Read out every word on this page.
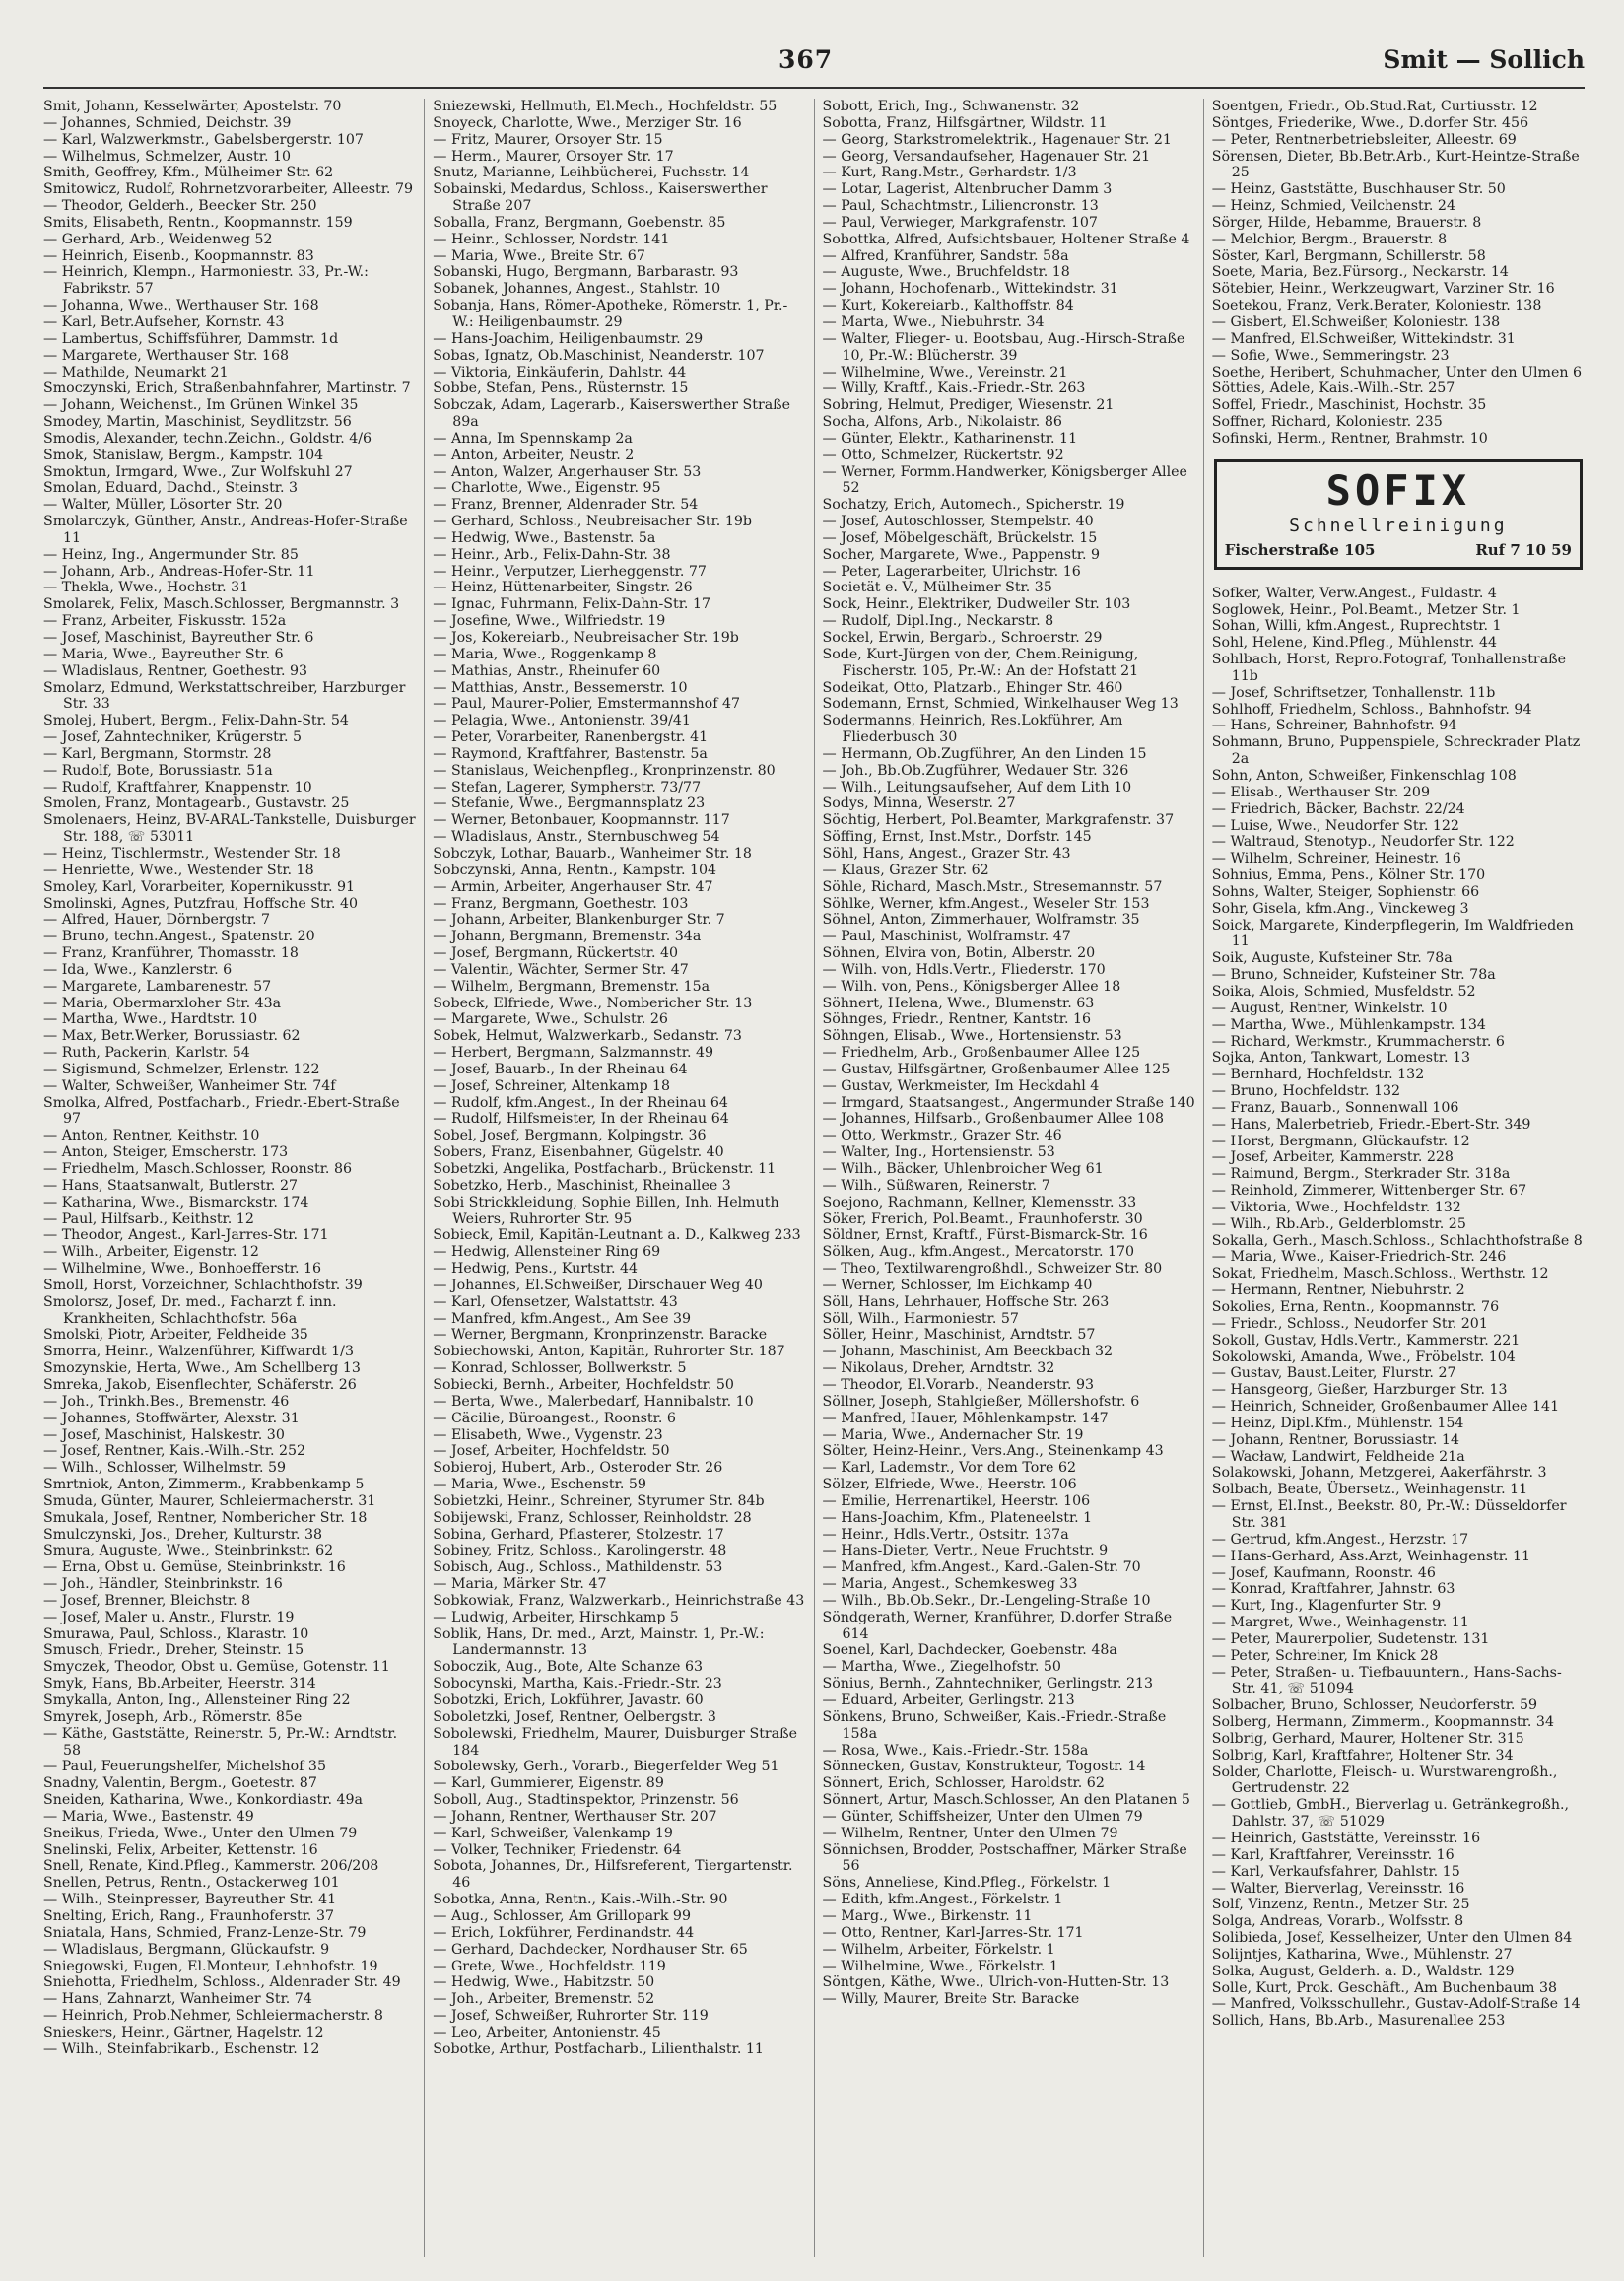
367	Smit — Sollich
Smit, Johann, Kesselwärter, Apostelstr. 70
— Johannes, Schmied, Deichstr. 39
— Karl, Walzwerkmstr., Gabelsbergerstr. 107
— Wilhelmus, Schmelzer, Austr. 10
Smith, Geoffrey, Kfm., Mülheimer Str. 62
Smitowicz, Rudolf, Rohrnetzvorarbeiter, Alleestr. 79
— Theodor, Gelderh., Beecker Str. 250
Smits, Elisabeth, Rentn., Koopmannstr. 159
— Gerhard, Arb., Weidenweg 52
— Heinrich, Eisenb., Koopmannstr. 83
— Heinrich, Klempn., Harmoniestr. 33, Pr.-W.: Fabrikstr. 57
— Johanna, Wwe., Werthauser Str. 168
— Karl, Betr.Aufseher, Kornstr. 43
— Lambertus, Schiffsführer, Dammstr. 1d
— Margarete, Werthauser Str. 168
— Mathilde, Neumarkt 21
Smoczynski, Erich, Straßenbahnfahrer, Martinstr. 7
— Johann, Weichenst., Im Grünen Winkel 35
Smodey, Martin, Maschinist, Seydlitzstr. 56
Smodis, Alexander, techn.Zeichn., Goldstr. 4/6
Smok, Stanislaw, Bergm., Kampstr. 104
Smoktun, Irmgard, Wwe., Zur Wolfskuhl 27
Smolan, Eduard, Dachd., Steinstr. 3
— Walter, Müller, Lösorter Str. 20
Smolarczyk, Günther, Anstr., Andreas-Hofer-Straße 11
— Heinz, Ing., Angermunder Str. 85
— Johann, Arb., Andreas-Hofer-Str. 11
— Thekla, Wwe., Hochstr. 31
Smolarek, Felix, Masch.Schlosser, Bergmannstr. 3
— Franz, Arbeiter, Fiskusstr. 152a
— Josef, Maschinist, Bayreuther Str. 6
— Maria, Wwe., Bayreuther Str. 6
— Wladislaus, Rentner, Goethestr. 93
Smolarz, Edmund, Werkstattschreiber, Harzburger Str. 33
Smolej, Hubert, Bergm., Felix-Dahn-Str. 54
— Josef, Zahntechniker, Krügerstr. 5
— Karl, Bergmann, Stormstr. 28
— Rudolf, Bote, Borussiastr. 51a
— Rudolf, Kraftfahrer, Knappenstr. 10
Smolen, Franz, Montagearb., Gustavstr. 25
Smolenaers, Heinz, BV-ARAL-Tankstelle, Duisburger Str. 188, ☏ 53011
— Heinz, Tischlermstr., Westender Str. 18
— Henriette, Wwe., Westender Str. 18
Smoley, Karl, Vorarbeiter, Kopernikusstr. 91
Smolinski, Agnes, Putzfrau, Hoffsche Str. 40
— Alfred, Hauer, Dörnbergstr. 7
— Bruno, techn.Angest., Spatenstr. 20
— Franz, Kranführer, Thomasstr. 18
— Ida, Wwe., Kanzlerstr. 6
— Margarete, Lambarenestr. 57
— Maria, Obermarxloher Str. 43a
— Martha, Wwe., Hardtstr. 10
— Max, Betr.Werker, Borussiastr. 62
— Ruth, Packerin, Karlstr. 54
— Sigismund, Schmelzer, Erlenstr. 122
— Walter, Schweißer, Wanheimer Str. 74f
Smolka, Alfred, Postfacharb., Friedr.-Ebert-Straße 97
— Anton, Rentner, Keithstr. 10
— Anton, Steiger, Emscherstr. 173
— Friedhelm, Masch.Schlosser, Roonstr. 86
— Hans, Staatsanwalt, Butlerstr. 27
— Katharina, Wwe., Bismarckstr. 174
— Paul, Hilfsarb., Keithstr. 12
— Theodor, Angest., Karl-Jarres-Str. 171
— Wilh., Arbeiter, Eigenstr. 12
— Wilhelmine, Wwe., Bonhoefferstr. 16
Smoll, Horst, Vorzeichner, Schlachthofstr. 39
Smolorsz, Josef, Dr. med., Facharzt f. inn. Krankheiten, Schlachthofstr. 56a
Smolski, Piotr, Arbeiter, Feldheide 35
Smorra, Heinr., Walzenführer, Kiffwardt 1/3
Smozynskie, Herta, Wwe., Am Schellberg 13
Smreka, Jakob, Eisenflechter, Schäferstr. 26
— Joh., Trinkh.Bes., Bremenstr. 46
— Johannes, Stoffwärter, Alexstr. 31
— Josef, Maschinist, Halskestr. 30
— Josef, Rentner, Kais.-Wilh.-Str. 252
— Wilh., Schlosser, Wilhelmstr. 59
Smrtniok, Anton, Zimmerm., Krabbenkamp 5
Smuda, Günter, Maurer, Schleiermacherstr. 31
Smukala, Josef, Rentner, Nombericher Str. 18
Smulczynski, Jos., Dreher, Kulturstr. 38
Smura, Auguste, Wwe., Steinbrinkstr. 62
— Erna, Obst u. Gemüse, Steinbrinkstr. 16
— Joh., Händler, Steinbrinkstr. 16
— Josef, Brenner, Bleichstr. 8
— Josef, Maler u. Anstr., Flurstr. 19
Smurawa, Paul, Schloss., Klarastr. 10
Smusch, Friedr., Dreher, Steinstr. 15
Smyczek, Theodor, Obst u. Gemüse, Gotenstr. 11
Smyk, Hans, Bb.Arbeiter, Heerstr. 314
Smykalla, Anton, Ing., Allensteiner Ring 22
Smyrek, Joseph, Arb., Römerstr. 85e
— Käthe, Gaststätte, Reinerstr. 5, Pr.-W.: Arndtstr. 58
— Paul, Feuerungshelfer, Michelshof 35
Snadny, Valentin, Bergm., Goetestr. 87
Sneiden, Katharina, Wwe., Konkordiastr. 49a
— Maria, Wwe., Bastenstr. 49
Sneikus, Frieda, Wwe., Unter den Ulmen 79
Snelinski, Felix, Arbeiter, Kettenstr. 16
Snell, Renate, Kind.Pfleg., Kammerstr. 206/208
Snellen, Petrus, Rentn., Ostackerweg 101
— Wilh., Steinpresser, Bayreuther Str. 41
Snelting, Erich, Rang., Fraunhoferstr. 37
Sniatala, Hans, Schmied, Franz-Lenze-Str. 79
— Wladislaus, Bergmann, Glückaufstr. 9
Sniegowski, Eugen, El.Monteur, Lehnhofstr. 19
Sniehotta, Friedhelm, Schloss., Aldenrader Str. 49
— Hans, Zahnarzt, Wanheimer Str. 74
— Heinrich, Prob.Nehmer, Schleiermacherstr. 8
Snieskers, Heinr., Gärtner, Hagelstr. 12
— Wilh., Steinfabrikarb., Eschenstr. 12
Sniezewski, Hellmuth, El.Mech., Hochfeldstr. 55
Snoyeck, Charlotte, Wwe., Merziger Str. 16
— Fritz, Maurer, Orsoyer Str. 15
— Herm., Maurer, Orsoyer Str. 17
Snutz, Marianne, Leihbüchereі, Fuchsstr. 14
Sobainski, Medardus, Schloss., Kaiserswerther Straße 207
Soballa, Franz, Bergmann, Goebenstr. 85
— Heinr., Schlosser, Nordstr. 141
— Maria, Wwe., Breite Str. 67
Sobanski, Hugo, Bergmann, Barbarastr. 93
Sobanek, Johannes, Angest., Stahlstr. 10
Sobanja, Hans, Römer-Apotheke, Römerstr. 1, Pr.-W.: Heiligenbaumstr. 29
— Hans-Joachim, Heiligenbaumstr. 29
Sobas, Ignatz, Ob.Maschinist, Neanderstr. 107
— Viktoria, Einkäuferin, Dahlstr. 44
Sobbe, Stefan, Pens., Rüsternstr. 15
Sobczak, Adam, Lagerarb., Kaiserswerther Straße 89a
— Anna, Im Spennskamp 2a
— Anton, Arbeiter, Neustr. 2
— Anton, Walzer, Angerhauser Str. 53
— Charlotte, Wwe., Eigenstr. 95
— Franz, Brenner, Aldenrader Str. 54
— Gerhard, Schloss., Neubreisacher Str. 19b
— Hedwig, Wwe., Bastenstr. 5a
— Heinr., Arb., Felix-Dahn-Str. 38
— Heinr., Verputzer, Lierheggenstr. 77
— Heinz, Hüttenarbeiter, Singstr. 26
— Ignac, Fuhrmann, Felix-Dahn-Str. 17
— Josefine, Wwe., Wilfriedstr. 19
— Jos, Kokereiarb., Neubreisacher Str. 19b
— Maria, Wwe., Roggenkamp 8
— Mathias, Anstr., Rheinufer 60
— Matthias, Anstr., Bessemerstr. 10
— Paul, Maurer-Polier, Emstermannshof 47
— Pelagia, Wwe., Antonienstr. 39/41
— Peter, Vorarbeiter, Ranenbergstr. 41
— Raymond, Kraftfahrer, Bastenstr. 5a
— Stanislaus, Weichenpfleg., Kronprinzenstr. 80
— Stefan, Lagerer, Sympherstr. 73/77
— Stefanie, Wwe., Bergmannsplatz 23
— Werner, Betonbauer, Koopmannstr. 117
— Wladislaus, Anstr., Sternbuschweg 54
Sobczyk, Lothar, Bauarb., Wanheimer Str. 18
Sobczynski, Anna, Rentn., Kampstr. 104
— Armin, Arbeiter, Angerhauser Str. 47
— Franz, Bergmann, Goethestr. 103
— Johann, Arbeiter, Blankenburger Str. 7
— Johann, Bergmann, Bremenstr. 34a
— Josef, Bergmann, Rückertstr. 40
— Valentin, Wächter, Sermer Str. 47
— Wilhelm, Bergmann, Bremenstr. 15a
Sobeck, Elfriede, Wwe., Nombericher Str. 13
— Margarete, Wwe., Schulstr. 26
Sobek, Helmut, Walzwerkarb., Sedanstr. 73
— Herbert, Bergmann, Salzmannstr. 49
— Josef, Bauarb., In der Rheinau 64
— Josef, Schreiner, Altenkamp 18
— Rudolf, kfm.Angest., In der Rheinau 64
— Rudolf, Hilfsmeister, In der Rheinau 64
Sobel, Josef, Bergmann, Kolpingstr. 36
Sobers, Franz, Eisenbahner, Gügelstr. 40
Sobetzki, Angelika, Postfacharb., Brückenstr. 11
Sobetzko, Herb., Maschinist, Rheinallee 3
Sobi Strickkleidung, Sophie Billen, Inh. Helmuth Weiers, Ruhrorter Str. 95
Sobieck, Emil, Kapitän-Leutnant a. D., Kalkweg 233
— Hedwig, Allensteiner Ring 69
— Hedwig, Pens., Kurtstr. 44
— Johannes, El.Schweißer, Dirschauer Weg 40
— Karl, Ofensetzer, Walstattstr. 43
— Manfred, kfm.Angest., Am See 39
— Werner, Bergmann, Kronprinzenstr. Baracke
Sobiechowski, Anton, Kapitän, Ruhrorter Str. 187
— Konrad, Schlosser, Bollwerkstr. 5
Sobiecki, Bernh., Arbeiter, Hochfeldstr. 50
— Berta, Wwe., Malerbedarf, Hannibalstr. 10
— Cäcilie, Büroangest., Roonstr. 6
— Elisabeth, Wwe., Vygenstr. 23
— Josef, Arbeiter, Hochfeldstr. 50
Sobieroj, Hubert, Arb., Osteroder Str. 26
— Maria, Wwe., Eschenstr. 59
Sobietzki, Heinr., Schreiner, Styrumer Str. 84b
Sobijewski, Franz, Schlosser, Reinholdstr. 28
Sobina, Gerhard, Pflasterer, Stolzestr. 17
Sobiney, Fritz, Schloss., Karolingerstr. 48
Sobisch, Aug., Schloss., Mathildenstr. 53
— Maria, Märker Str. 47
Sobkowiak, Franz, Walzwerkarb., Heinrichstraße 43
— Ludwig, Arbeiter, Hirschkamp 5
Soblik, Hans, Dr. med., Arzt, Mainstr. 1, Pr.-W.: Landermannstr. 13
Soboczik, Aug., Bote, Alte Schanze 63
Sobocynski, Martha, Kais.-Friedr.-Str. 23
Sobotzki, Erich, Lokführer, Javastr. 60
Soboletzki, Josef, Rentner, Oelbergstr. 3
Sobolewski, Friedhelm, Maurer, Duisburger Straße 184
Sobolewsky, Gerh., Vorarb., Biegerfelder Weg 51
— Karl, Gummierer, Eigenstr. 89
Soboll, Aug., Stadtinspektor, Prinzenstr. 56
— Johann, Rentner, Werthauser Str. 207
— Karl, Schweißer, Valenkamp 19
— Volker, Techniker, Friedenstr. 64
Sobota, Johannes, Dr., Hilfsreferent, Tiergartenstr. 46
Sobotka, Anna, Rentn., Kais.-Wilh.-Str. 90
— Aug., Schlosser, Am Grillopark 99
— Erich, Lokführer, Ferdinandstr. 44
— Gerhard, Dachdecker, Nordhauser Str. 65
— Grete, Wwe., Hochfeldstr. 119
— Hedwig, Wwe., Habitzstr. 50
— Joh., Arbeiter, Bremenstr. 52
— Josef, Schweißer, Ruhrorter Str. 119
— Leo, Arbeiter, Antonienstr. 45
Sobotke, Arthur, Postfacharb., Lilienthalstr. 11
Sobott, Erich, Ing., Schwanenstr. 32
Sobotta, Franz, Hilfsgärtner, Wildstr. 11
— Georg, Starkstromelektrik., Hagenauer Str. 21
— Georg, Versandaufseher, Hagenauer Str. 21
— Kurt, Rang.Mstr., Gerhardstr. 1/3
— Lotar, Lagerist, Altenbrucher Damm 3
— Paul, Schachtmstr., Liliencronstr. 13
— Paul, Verwieger, Markgrafenstr. 107
Sobottka, Alfred, Aufsichtsbauer, Holtener Straße 4
— Alfred, Kranführer, Sandstr. 58a
— Auguste, Wwe., Bruchfeldstr. 18
— Johann, Hochofenarb., Wittekindstr. 31
— Kurt, Kokereiarb., Kalthoffstr. 84
— Marta, Wwe., Niebuhrstr. 34
— Walter, Flieger- u. Bootsbau, Aug.-Hirsch-Straße 10, Pr.-W.: Blücherstr. 39
— Wilhelmine, Wwe., Vereinstr. 21
— Willy, Kraftf., Kais.-Friedr.-Str. 263
Sobring, Helmut, Prediger, Wiesenstr. 21
Socha, Alfons, Arb., Nikolaistr. 86
— Günter, Elektr., Katharinenstr. 11
— Otto, Schmelzer, Rückertstr. 92
— Werner, Formm.Handwerker, Königsberger Allee 52
Sochatzy, Erich, Automech., Spicherstr. 19
— Josef, Autoschlosser, Stempelstr. 40
— Josef, Möbelgeschäft, Brückelstr. 15
Socher, Margarete, Wwe., Pappenstr. 9
— Peter, Lagerarbeiter, Ulrichstr. 16
Societät e. V., Mülheimer Str. 35
Sock, Heinr., Elektriker, Dudweiler Str. 103
— Rudolf, Dipl.Ing., Neckarstr. 8
Sockel, Erwin, Bergarb., Schroerstr. 29
Sode, Kurt-Jürgen von der, Chem.Reinigung, Fischerstr. 105, Pr.-W.: An der Hofstatt 21
Sodeikat, Otto, Platzarb., Ehinger Str. 460
Sodemann, Ernst, Schmied, Winkelhauser Weg 13
Sodermanns, Heinrich, Res.Lokführer, Am Fliederbusch 30
— Hermann, Ob.Zugführer, An den Linden 15
— Joh., Bb.Ob.Zugführer, Wedauer Str. 326
— Wilh., Leitungsaufseher, Auf dem Lith 10
Sodys, Minna, Weserstr. 27
Söchtig, Herbert, Pol.Beamter, Markgrafenstr. 37
Söffing, Ernst, Inst.Mstr., Dorfstr. 145
Söhl, Hans, Angest., Grazer Str. 43
— Klaus, Grazer Str. 62
Söhle, Richard, Masch.Mstr., Stresemannstr. 57
Söhlke, Werner, kfm.Angest., Weseler Str. 153
Söhnel, Anton, Zimmerhauer, Wolframstr. 35
— Paul, Maschinist, Wolframstr. 47
Söhnen, Elvira von, Botin, Alberstr. 20
— Wilh. von, Hdls.Vertr., Fliederstr. 170
— Wilh. von, Pens., Königsberger Allee 18
Söhnert, Helena, Wwe., Blumenstr. 63
Söhnges, Friedr., Rentner, Kantstr. 16
Söhngen, Elisab., Wwe., Hortensienstr. 53
— Friedhelm, Arb., Großenbaumer Allee 125
— Gustav, Hilfsgärtner, Großenbaumer Allee 125
— Gustav, Werkmeister, Im Heckdahl 4
— Irmgard, Staatsangest., Angermunder Straße 140
— Johannes, Hilfsarb., Großenbaumer Allee 108
— Otto, Werkmstr., Grazer Str. 46
— Walter, Ing., Hortensienstr. 53
— Wilh., Bäcker, Uhlenbroicher Weg 61
— Wilh., Süßwaren, Reinerstr. 7
Soejono, Rachmann, Kellner, Klemensstr. 33
Söker, Frerich, Pol.Beamt., Fraunhoferstr. 30
Söldner, Ernst, Kraftf., Fürst-Bismarck-Str. 16
Sölken, Aug., kfm.Angest., Mercatorstr. 170
— Theo, Textilwarengroßhdl., Schweizer Str. 80
— Werner, Schlosser, Im Eichkamp 40
Söll, Hans, Lehrhauer, Hoffsche Str. 263
Söll, Wilh., Harmoniestr. 57
Söller, Heinr., Maschinist, Arndtstr. 57
— Johann, Maschinist, Am Beeckbach 32
— Nikolaus, Dreher, Arndtstr. 32
— Theodor, El.Vorarb., Neanderstr. 93
Söllner, Joseph, Stahlgießer, Möllershofstr. 6
— Manfred, Hauer, Möhlenkampstr. 147
— Maria, Wwe., Andernacher Str. 19
Sölter, Heinz-Heinr., Vers.Ang., Steinenkamp 43
— Karl, Lademstr., Vor dem Tore 62
Sölzer, Elfriede, Wwe., Heerstr. 106
— Emilie, Herrenartikel, Heerstr. 106
— Hans-Joachim, Kfm., Plateneelstr. 1
— Heinr., Hdls.Vertr., Ostsitr. 137a
— Hans-Dieter, Vertr., Neue Fruchtstr. 9
— Manfred, kfm.Angest., Kard.-Galen-Str. 70
— Maria, Angest., Schemkesweg 33
— Wilh., Bb.Ob.Sekr., Dr.-Lengeling-Straße 10
Söndgerath, Werner, Kranführer, D.dorfer Straße 614
Soenel, Karl, Dachdecker, Goebenstr. 48a
— Martha, Wwe., Ziegelhofstr. 50
Sönius, Bernh., Zahntechniker, Gerlingstr. 213
— Eduard, Arbeiter, Gerlingstr. 213
Sönkens, Bruno, Schweißer, Kais.-Friedr.-Straße 158a
— Rosa, Wwe., Kais.-Friedr.-Str. 158a
Sönnecken, Gustav, Konstrukteur, Togostr. 14
Sönnert, Erich, Schlosser, Haroldstr. 62
Sönnert, Artur, Masch.Schlosser, An den Platanen 5
— Günter, Schiffsheizer, Unter den Ulmen 79
— Wilhelm, Rentner, Unter den Ulmen 79
Sönnichsen, Brodder, Postschaffner, Märker Straße 56
Söns, Anneliese, Kind.Pfleg., Förkelstr. 1
— Edith, kfm.Angest., Förkelstr. 1
— Marg., Wwe., Birkenstr. 11
— Otto, Rentner, Karl-Jarres-Str. 171
— Wilhelm, Arbeiter, Förkelstr. 1
— Wilhelmine, Wwe., Förkelstr. 1
Söntgen, Käthe, Wwe., Ulrich-von-Hutten-Str. 13
— Willy, Maurer, Breite Str. Baracke
Soentgen, Friedr., Ob.Stud.Rat, Curtiusstr. 12
Söntges, Friederike, Wwe., D.dorfer Str. 456
— Peter, Rentnerbetriebsleiter, Alleestr. 69
Sörensen, Dieter, Bb.Betr.Arb., Kurt-Heintze-Straße 25
— Heinz, Gaststätte, Buschhauser Str. 50
— Heinz, Schmied, Veilchenstr. 24
Sörger, Hilde, Hebamme, Brauerstr. 8
— Melchior, Bergm., Brauerstr. 8
Söster, Karl, Bergmann, Schillerstr. 58
Soete, Maria, Bez.Fürsorg., Neckarstr. 14
Sötebier, Heinr., Werkzeugwart, Varziner Str. 16
Soetekou, Franz, Verk.Berater, Koloniestr. 138
— Gisbert, El.Schweißer, Koloniestr. 138
— Manfred, El.Schweißer, Wittekindstr. 31
— Sofie, Wwe., Semmeringstr. 23
Soethe, Heribert, Schuhmacher, Unter den Ulmen 6
Sötties, Adele, Kais.-Wilh.-Str. 257
Soffel, Friedr., Maschinist, Hochstr. 35
Soffner, Richard, Koloniestr. 235
Sofinski, Herm., Rentner, Brahmstr. 10
SOFIX
Schnellreinigung
Fischerstraße 105	Ruf 7 10 59
Sofker, Walter, Verw.Angest., Fuldastr. 4
Soglowek, Heinr., Pol.Beamt., Metzer Str. 1
Sohan, Willi, kfm.Angest., Ruprechtstr. 1
Sohl, Helene, Kind.Pfleg., Mühlenstr. 44
Sohlbach, Horst, Repro.Fotograf, Tonhallenstraße 11b
— Josef, Schriftsetzer, Tonhallenstr. 11b
Sohlhoff, Friedhelm, Schloss., Bahnhofstr. 94
— Hans, Schreiner, Bahnhofstr. 94
Sohmann, Bruno, Puppenspiele, Schreckrader Platz 2a
Sohn, Anton, Schweißer, Finkenschlag 108
— Elisab., Werthauser Str. 209
— Friedrich, Bäcker, Bachstr. 22/24
— Luise, Wwe., Neudorfer Str. 122
— Waltraud, Stenotyp., Neudorfer Str. 122
— Wilhelm, Schreiner, Heinestr. 16
Sohnius, Emma, Pens., Kölner Str. 170
Sohns, Walter, Steiger, Sophienstr. 66
Sohr, Gisela, kfm.Ang., Vinckeweg 3
Soick, Margarete, Kinderpflegerin, Im Waldfrieden 11
Soik, Auguste, Kufsteiner Str. 78a
— Bruno, Schneider, Kufsteiner Str. 78a
Soika, Alois, Schmied, Musfeldstr. 52
— August, Rentner, Winkelstr. 10
— Martha, Wwe., Mühlenkampstr. 134
— Richard, Werkmstr., Krummacherstr. 6
Sojka, Anton, Tankwart, Lomestr. 13
— Bernhard, Hochfeldstr. 132
— Bruno, Hochfeldstr. 132
— Franz, Bauarb., Sonnenwall 106
— Hans, Malerbetrieb, Friedr.-Ebert-Str. 349
— Horst, Bergmann, Glückaufstr. 12
— Josef, Arbeiter, Kammerstr. 228
— Raimund, Bergm., Sterkrader Str. 318a
— Reinhold, Zimmerer, Wittenberger Str. 67
— Viktoria, Wwe., Hochfeldstr. 132
— Wilh., Rb.Arb., Gelderblomstr. 25
Sokalla, Gerh., Masch.Schloss., Schlachthofstraße 8
— Maria, Wwe., Kaiser-Friedrich-Str. 246
Sokat, Friedhelm, Masch.Schloss., Werthstr. 12
— Hermann, Rentner, Niebuhrstr. 2
Sokolies, Erna, Rentn., Koopmannstr. 76
— Friedr., Schloss., Neudorfer Str. 201
Sokoll, Gustav, Hdls.Vertr., Kammerstr. 221
Sokolowski, Amanda, Wwe., Fröbelstr. 104
— Gustav, Baust.Leiter, Flurstr. 27
— Hansgeorg, Gießer, Harzburger Str. 13
— Heinrich, Schneider, Großenbaumer Allee 141
— Heinz, Dipl.Kfm., Mühlenstr. 154
— Johann, Rentner, Borussiastr. 14
— Wacław, Landwirt, Feldheide 21a
Solakowski, Johann, Metzgerei, Aakerfährstr. 3
Solbach, Beate, Übersetz., Weinhagenstr. 11
— Ernst, El.Inst., Beekstr. 80, Pr.-W.: Düsseldorfer Str. 381
— Gertrud, kfm.Angest., Herzstr. 17
— Hans-Gerhard, Ass.Arzt, Weinhagenstr. 11
— Josef, Kaufmann, Roonstr. 46
— Konrad, Kraftfahrer, Jahnstr. 63
— Kurt, Ing., Klagenfurter Str. 9
— Margret, Wwe., Weinhagenstr. 11
— Peter, Maurerpolier, Sudetenstr. 131
— Peter, Schreiner, Im Knick 28
— Peter, Straßen- u. Tiefbauuntern., Hans-Sachs-Str. 41, ☏ 51094
Solbacher, Bruno, Schlosser, Neudorferstr. 59
Solberg, Hermann, Zimmerm., Koopmannstr. 34
Solbrig, Gerhard, Maurer, Holtener Str. 315
Solbrig, Karl, Kraftfahrer, Holtener Str. 34
Solder, Charlotte, Fleisch- u. Wurstwarengroßh., Gertrudenstr. 22
— Gottlieb, GmbH., Bierverlag u. Getränkegroßh., Dahlstr. 37, ☏ 51029
— Heinrich, Gaststätte, Vereinsstr. 16
— Karl, Kraftfahrer, Vereinsstr. 16
— Karl, Verkaufsfahrer, Dahlstr. 15
— Walter, Bierverlag, Vereinsstr. 16
Solf, Vinzenz, Rentn., Metzer Str. 25
Solga, Andreas, Vorarb., Wolfsstr. 8
Solibieda, Josef, Kesselheizer, Unter den Ulmen 84
Solijntjes, Katharina, Wwe., Mühlenstr. 27
Solka, August, Gelderh. a. D., Waldstr. 129
Solle, Kurt, Prok. Geschäft., Am Buchenbaum 38
— Manfred, Volksschullehr., Gustav-Adolf-Straße 14
Sollich, Hans, Bb.Arb., Masurenallee 253
